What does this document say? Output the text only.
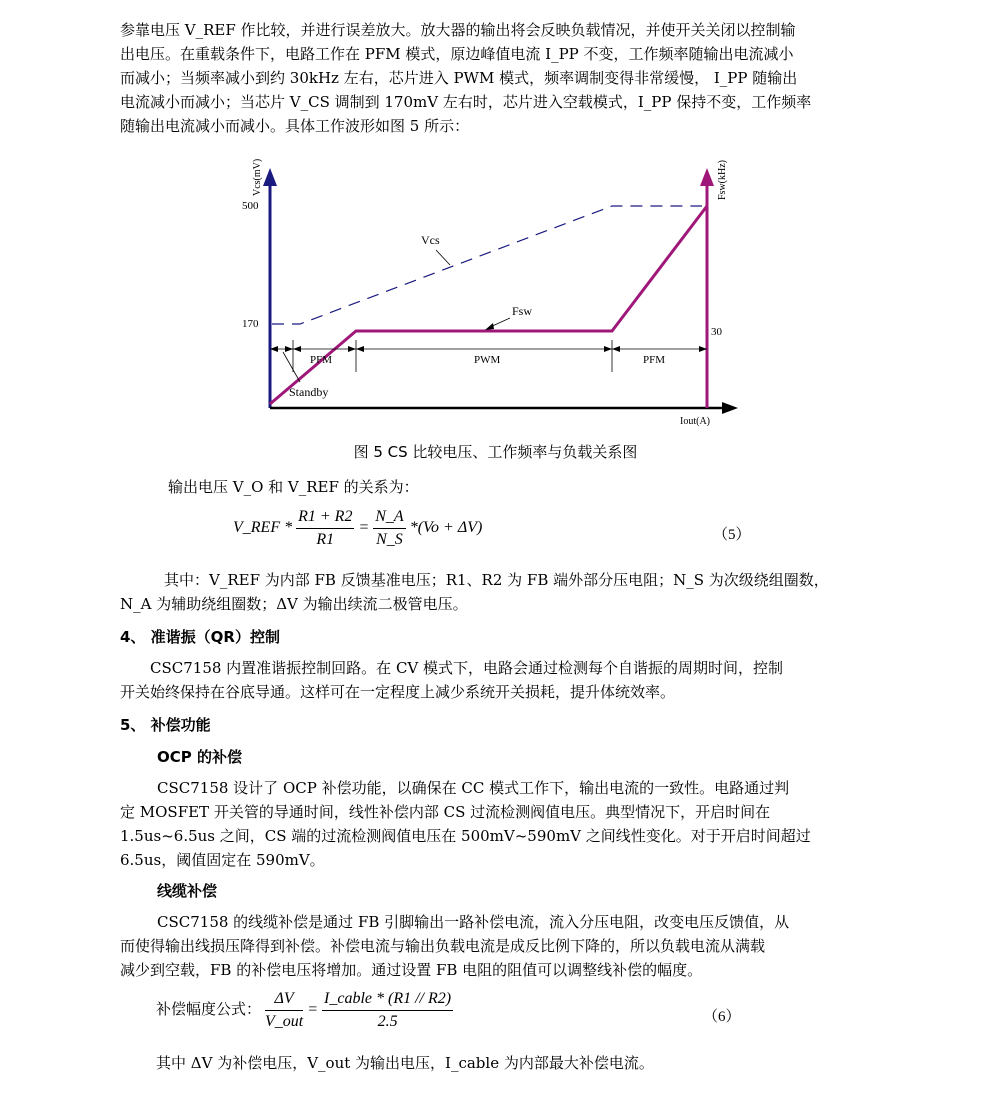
参靠电压 V_REF 作比较，并进行误差放大。放大器的输出将会反映负载情况，并使开关关闭以控制输
出电压。在重载条件下，电路工作在 PFM 模式，原边峰值电流 I_PP 不变，工作频率随输出电流减小
而减小；当频率减小到约 30kHz 左右，芯片进入 PWM 模式，频率调制变得非常缓慢， I_PP 随输出
电流减小而减小；当芯片 V_CS 调制到 170mV 左右时，芯片进入空载模式，I_PP 保持不变，工作频率
随输出电流减小而减小。具体工作波形如图 5 所示：
Vcs(mV)	Fsw(kHz)
Iout(A)
500
170
30
Vcs
Fsw
PFM	PWM	PFM
Standby
图 5 CS 比较电压、工作频率与负载关系图
输出电压 V_O 和 V_REF 的关系为：
V_REF * $\frac{R1 + R2}{R1} = \frac{N\_A}{N\_S} *(Vo + \Delta V)$	（5）
其中：V_REF 为内部 FB 反馈基准电压；R1、R2 为 FB 端外部分压电阻；N_S 为次级绕组圈数，
N_A 为辅助绕组圈数；ΔV 为输出续流二极管电压。
4、 准谐振（QR）控制
CSC7158 内置准谐振控制回路。在 CV 模式下，电路会通过检测每个自谐振的周期时间，控制
开关始终保持在谷底导通。这样可在一定程度上减少系统开关损耗，提升体统效率。
5、 补偿功能
OCP 的补偿
CSC7158 设计了 OCP 补偿功能，以确保在 CC 模式工作下，输出电流的一致性。电路通过判
定 MOSFET 开关管的导通时间，线性补偿内部 CS 过流检测阀值电压。典型情况下，开启时间在
1.5us~6.5us 之间，CS 端的过流检测阀值电压在 500mV~590mV 之间线性变化。对于开启时间超过
6.5us，阈值固定在 590mV。
线缆补偿
CSC7158 的线缆补偿是通过 FB 引脚输出一路补偿电流，流入分压电阻，改变电压反馈值，从
而使得输出线损压降得到补偿。补偿电流与输出负载电流是成反比例下降的，所以负载电流从满载
减少到空载，FB 的补偿电压将增加。通过设置 FB 电阻的阻值可以调整线补偿的幅度。
补偿幅度公式： $\frac{\Delta V}{\text{V\_out}} = \frac{\text{I\_cable * (R1 // R2)}}{2.5}$	（6）
其中 ΔV 为补偿电压，V_out 为输出电压，I_cable 为内部最大补偿电流。
